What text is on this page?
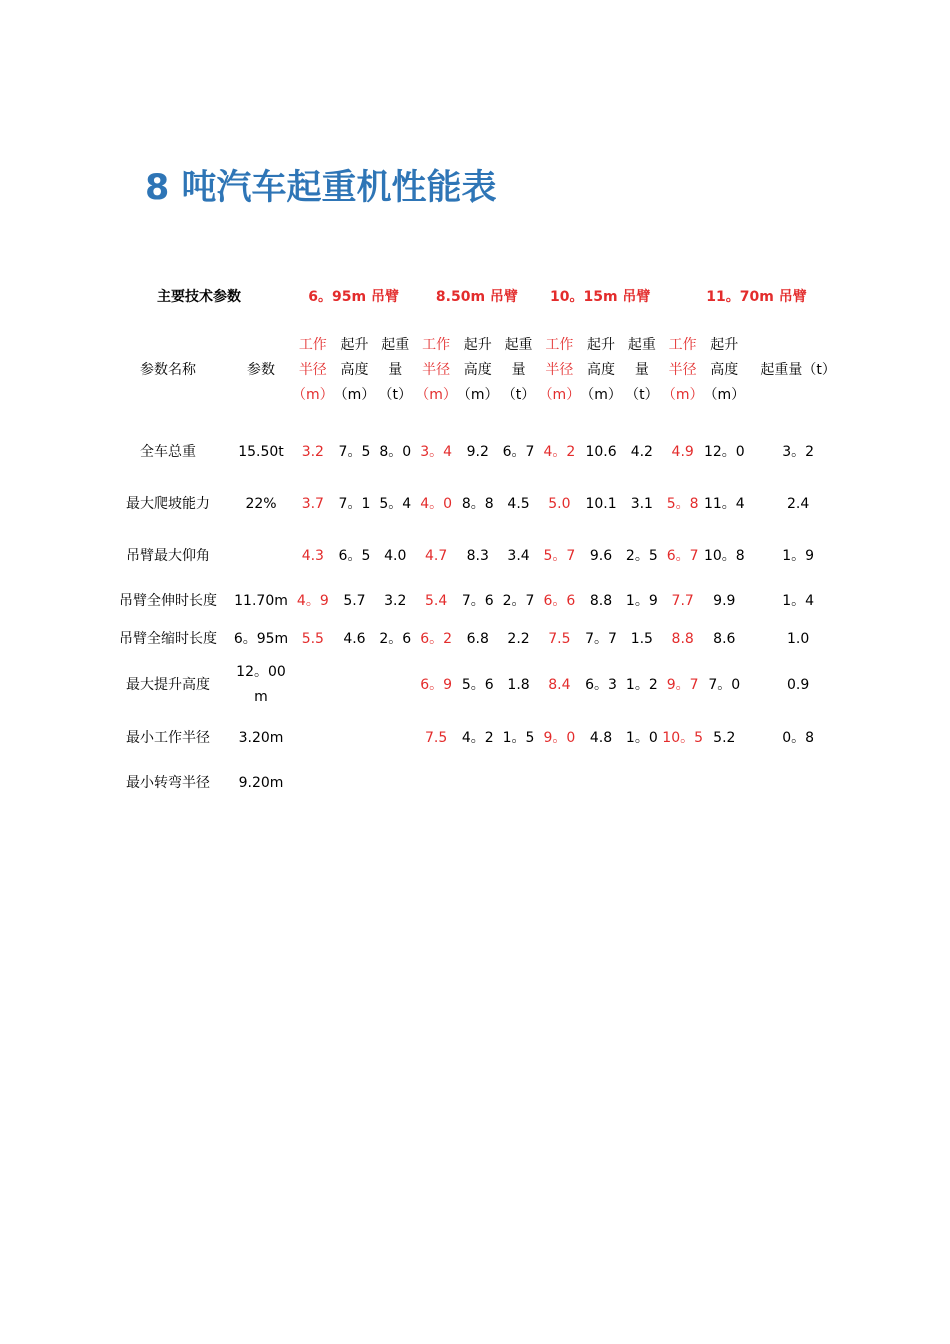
8 吨汽车起重机性能表
主要技术参数		6。95m 吊臂			8.50m 吊臂			10。15m 吊臂			11。70m 吊臂		
参数名称	参数	工作半径（m）	起升高度（m）	起重量（t）	工作半径（m）	起升高度（m）	起重量（t）	工作半径（m）	起升高度（m）	起重量（t）	工作半径（m）	起升高度（m）	起重量（t）
全车总重	15.50t	3.2	7。5	8。0	3。4	9.2	6。7	4。2	10.6	4.2	4.9	12。0	3。2
最大爬坡能力	22%	3.7	7。1	5。4	4。0	8。8	4.5	5.0	10.1	3.1	5。8	11。4	2.4
吊臂最大仰角		4.3	6。5	4.0	4.7	8.3	3.4	5。7	9.6	2。5	6。7	10。8	1。9
吊臂全伸时长度	11.70m	4。9	5.7	3.2	5.4	7。6	2。7	6。6	8.8	1。9	7.7	9.9	1。4
吊臂全缩时长度	6。95m	5.5	4.6	2。6	6。2	6.8	2.2	7.5	7。7	1.5	8.8	8.6	1.0
最大提升高度	12。00m				6。9	5。6	1.8	8.4	6。3	1。2	9。7	7。0	0.9
最小工作半径	3.20m				7.5	4。2	1。5	9。0	4.8	1。0	10。5	5.2	0。8
最小转弯半径	9.20m												
